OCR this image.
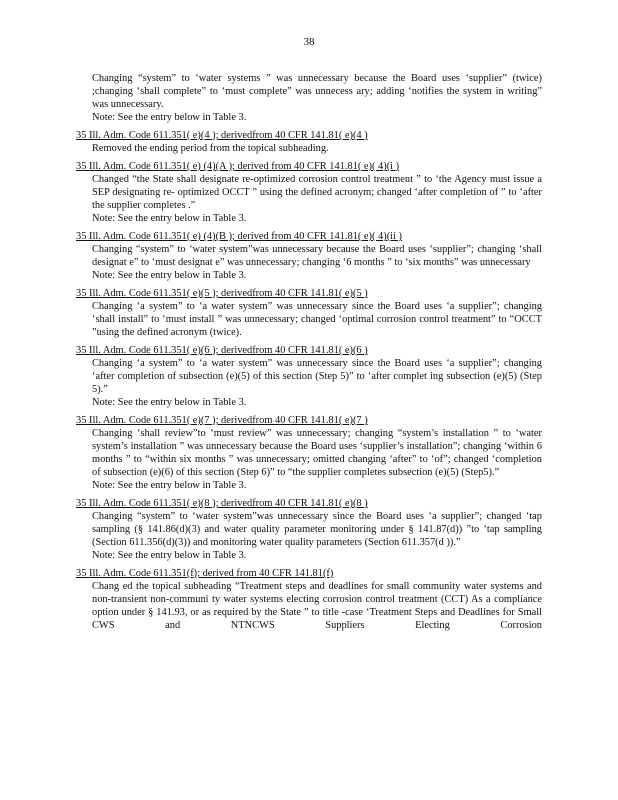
38
Changing “system” to ‘water systems ” was unnecessary because the Board uses ‘supplier” (twice) ;changing ‘shall complete” to ‘must complete” was unnecess ary; adding ‘notifies the system in writing” was unnecessary.
Note: See the entry below in Table 3.
35 Ill. Adm. Code 611.351( e)(4 ); derivedfrom 40 CFR 141.81( e)(4 )
Removed the ending period from the topical subheading.
35 Ill. Adm. Code 611.351( e) (4)(A ); derived from 40 CFR 141.81( e)( 4)(i )
Changed “the State shall designate re-optimized corrosion control treatment ” to ‘the Agency must issue a SEP designating re- optimized OCCT ” using the defined acronym; changed ‘after completion of ” to ‘after the supplier completes .”
Note: See the entry below in Table 3.
35 Ill. Adm. Code 611.351( e) (4)(B ); derived from 40 CFR 141.81( e)( 4)(ii )
Changing “system” to ‘water system”was unnecessary because the Board uses ‘supplier”; changing ‘shall designat e” to ‘must designat e” was unnecessary; changing ‘6 months ” to ‘six months” was unnecessary
Note: See the entry below in Table 3.
35 Ill. Adm. Code 611.351( e)(5 ); derivedfrom 40 CFR 141.81( e)(5 )
Changing ‘a system” to ‘a water system” was unnecessary since the Board uses ‘a supplier”; changing ‘shall install” to ‘must install ” was unnecessary; changed ‘optimal corrosion control treatment” to “OCCT ”using the defined acronym (twice).
35 Ill. Adm. Code 611.351( e)(6 ); derivedfrom 40 CFR 141.81( e)(6 )
Changing ‘a system” to ‘a water system” was unnecessary since the Board uses ‘a supplier”; changing ‘after completion of subsection (e)(5) of this section (Step 5)” to ‘after complet ing subsection (e)(5) (Step 5).”
Note: See the entry below in Table 3.
35 Ill. Adm. Code 611.351( e)(7 ); derivedfrom 40 CFR 141.81( e)(7 )
Changing ‘shall review”to ‘must review” was unnecessary; changing “system’s installation ” to ‘water system’s installation ” was unnecessary because the Board uses ‘supplier’s installation”; changing ‘within 6 months ” to “within six months ” was unnecessary; omitted changing ‘after” to ‘of”; changed ‘completion of subsection (e)(6) of this section (Step 6)” to “the supplier completes subsection (e)(5) (Step5).”
Note: See the entry below in Table 3.
35 Ill. Adm. Code 611.351( e)(8 ); derivedfrom 40 CFR 141.81( e)(8 )
Changing “system” to ‘water system”was unnecessary since the Board uses ‘a supplier”; changed ‘tap sampling (§ 141.86(d)(3) and water quality parameter monitoring under § 141.87(d)) ”to ‘tap sampling (Section 611.356(d)(3)) and monitoring water quality parameters (Section 611.357(d )).”
Note: See the entry below in Table 3.
35 Ill. Adm. Code 611.351(f); derived from 40 CFR 141.81(f)
Chang ed the topical subheading “Treatment steps and deadlines for small community water systems and non-transient non-communi ty water systems electing corrosion control treatment (CCT) As a compliance option under § 141.93, or as required by the State ” to title -case ‘Treatment Steps and Deadlines for Small CWS and NTNCWS Suppliers Electing Corrosion
